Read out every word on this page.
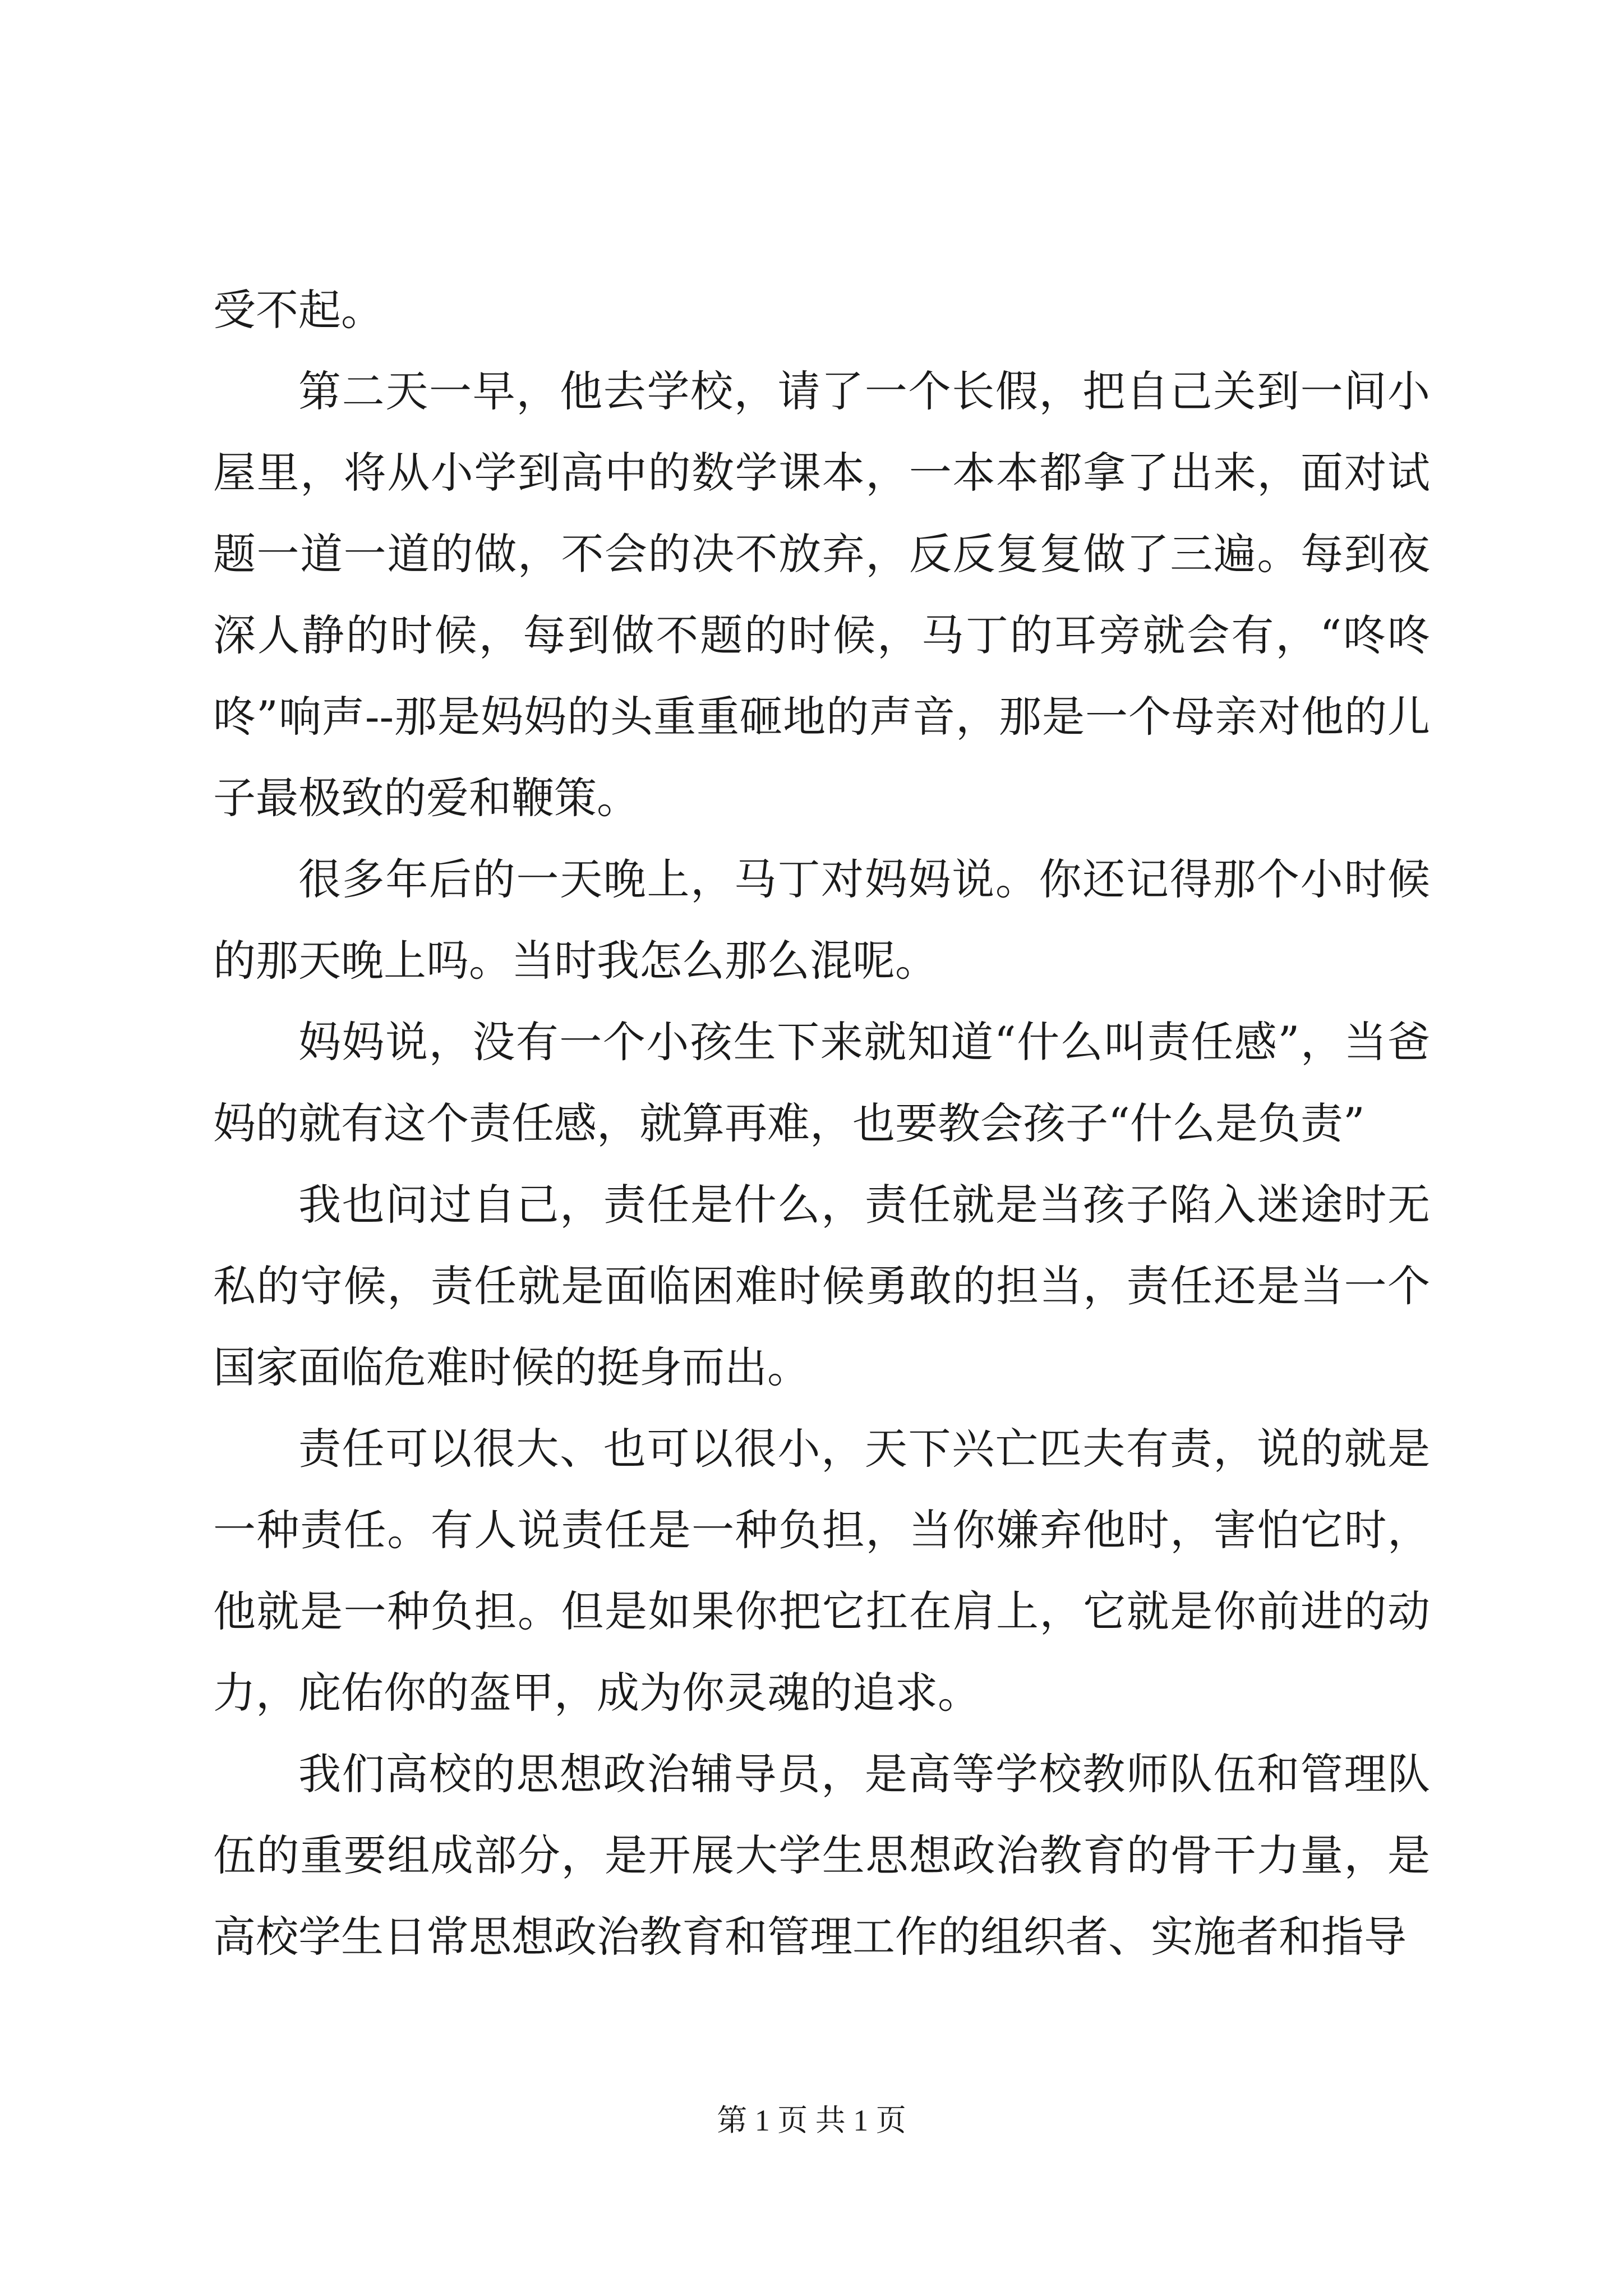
受不起。

第二天一早，他去学校，请了一个长假，把自己关到一间小屋里，将从小学到高中的数学课本，一本本都拿了出来，面对试题一道一道的做，不会的决不放弃，反反复复做了三遍。每到夜深人静的时候，每到做不题的时候，马丁的耳旁就会有，“咚咚咚”响声--那是妈妈的头重重砸地的声音，那是一个母亲对他的儿子最极致的爱和鞭策。

很多年后的一天晚上，马丁对妈妈说。你还记得那个小时候的那天晚上吗。当时我怎么那么混呢。

妈妈说，没有一个小孩生下来就知道“什么叫责任感”，当爸妈的就有这个责任感，就算再难，也要教会孩子“什么是负责”

我也问过自己，责任是什么，责任就是当孩子陷入迷途时无私的守候，责任就是面临困难时候勇敢的担当，责任还是当一个国家面临危难时候的挺身而出。

责任可以很大、也可以很小，天下兴亡匹夫有责，说的就是一种责任。有人说责任是一种负担，当你嫌弃他时，害怕它时，他就是一种负担。但是如果你把它扛在肩上，它就是你前进的动力，庇佑你的盔甲，成为你灵魂的追求。

我们高校的思想政治辅导员，是高等学校教师队伍和管理队伍的重要组成部分，是开展大学生思想政治教育的骨干力量，是高校学生日常思想政治教育和管理工作的组织者、实施者和指导

第 1 页 共 1 页
